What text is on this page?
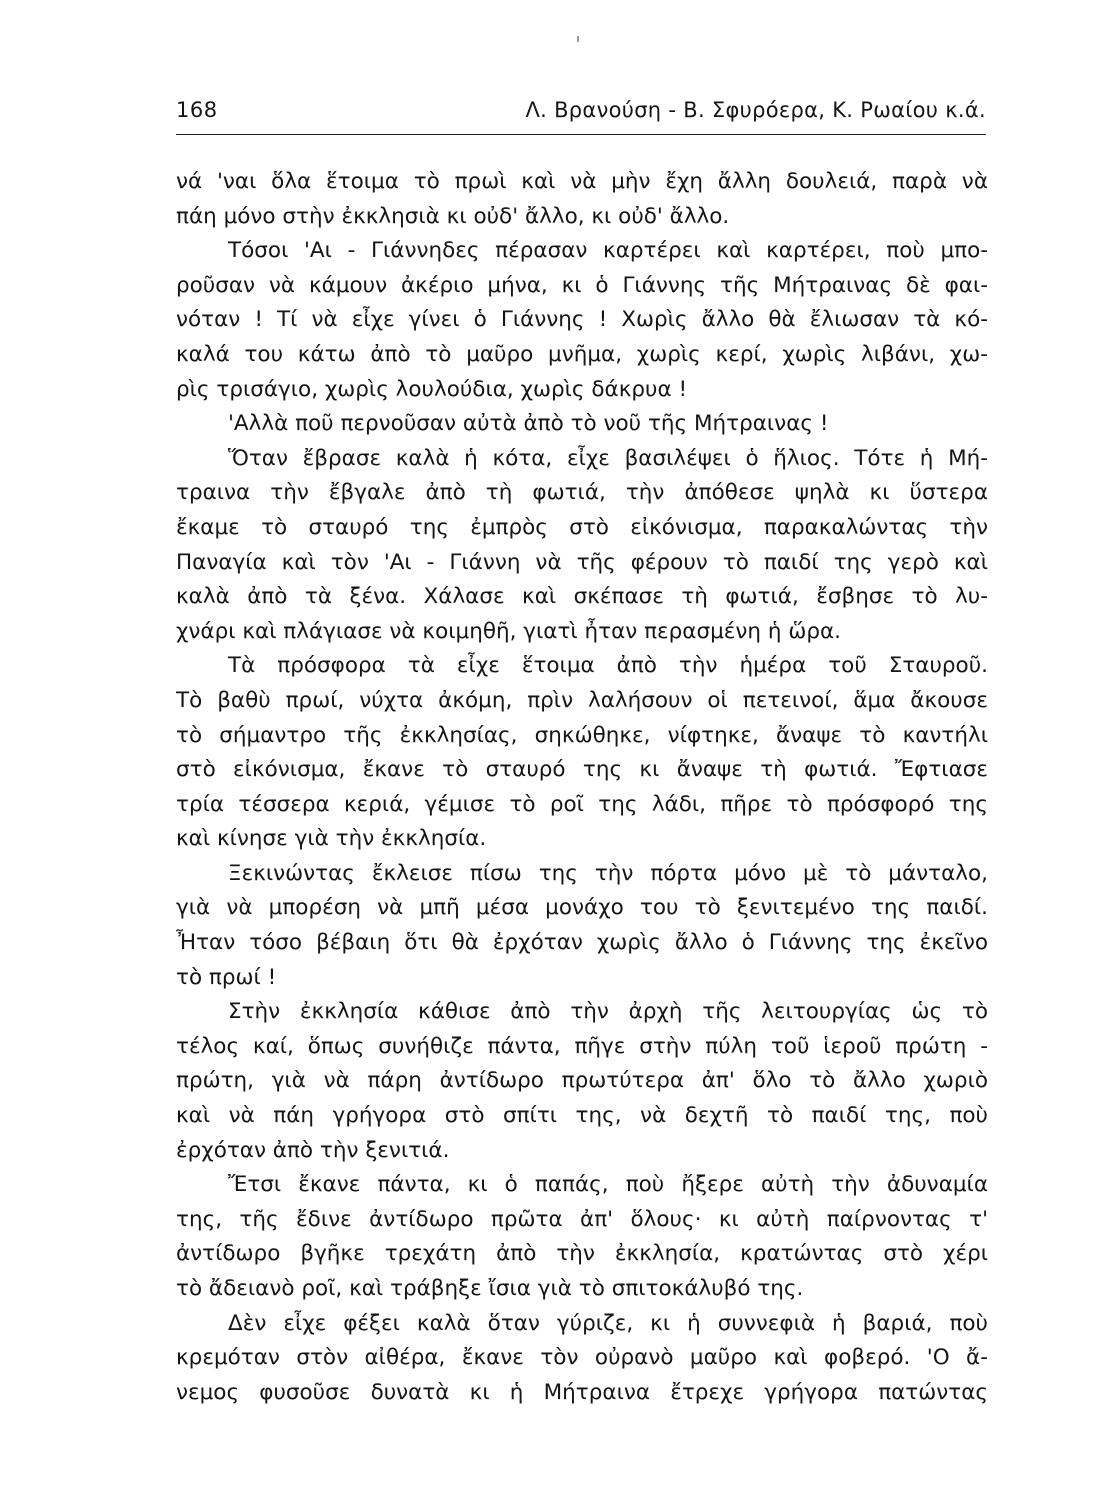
168	Λ. Βρανούση - Β. Σφυρόερα, Κ. Ρωαίου κ.ά.
νά 'ναι ὅλα ἕτοιμα τὸ πρωὶ καὶ νὰ μὴν ἔχη ἄλλη δουλειά, παρὰ νὰ
πάη μόνο στὴν ἐκκλησιὰ κι οὐδ' ἄλλο, κι οὐδ' ἄλλο.
Τόσοι 'Αι - Γιάννηδες πέρασαν καρτέρει καὶ καρτέρει, ποὺ μπο-
ροῦσαν νὰ κάμουν ἀκέριο μήνα, κι ὁ Γιάννης τῆς Μήτραινας δὲ φαι-
νόταν ! Τί νὰ εἶχε γίνει ὁ Γιάννης ! Χωρὶς ἄλλο θὰ ἔλιωσαν τὰ κό-
καλά του κάτω ἀπὸ τὸ μαῦρο μνῆμα, χωρὶς κερί, χωρὶς λιβάνι, χω-
ρὶς τρισάγιο, χωρὶς λουλούδια, χωρὶς δάκρυα !
'Αλλὰ ποῦ περνοῦσαν αὐτὰ ἀπὸ τὸ νοῦ τῆς Μήτραινας !
Ὅταν ἔβρασε καλὰ ἡ κότα, εἶχε βασιλέψει ὁ ἥλιος. Τότε ἡ Μή-
τραινα τὴν ἔβγαλε ἀπὸ τὴ φωτιά, τὴν ἀπόθεσε ψηλὰ κι ὕστερα
ἔκαμε τὸ σταυρό της ἐμπρὸς στὸ εἰκόνισμα, παρακαλώντας τὴν
Παναγία καὶ τὸν 'Αι - Γιάννη νὰ τῆς φέρουν τὸ παιδί της γερὸ καὶ
καλὰ ἀπὸ τὰ ξένα. Χάλασε καὶ σκέπασε τὴ φωτιά, ἔσβησε τὸ λυ-
χνάρι καὶ πλάγιασε νὰ κοιμηθῆ, γιατὶ ἦταν περασμένη ἡ ὥρα.
Τὰ πρόσφορα τὰ εἶχε ἕτοιμα ἀπὸ τὴν ἡμέρα τοῦ Σταυροῦ.
Τὸ βαθὺ πρωί, νύχτα ἀκόμη, πρὶν λαλήσουν οἱ πετεινοί, ἅμα ἄκουσε
τὸ σήμαντρο τῆς ἐκκλησίας, σηκώθηκε, νίφτηκε, ἄναψε τὸ καντήλι
στὸ εἰκόνισμα, ἔκανε τὸ σταυρό της κι ἄναψε τὴ φωτιά. Ἔφτιασε
τρία τέσσερα κεριά, γέμισε τὸ ροῖ της λάδι, πῆρε τὸ πρόσφορό της
καὶ κίνησε γιὰ τὴν ἐκκλησία.
Ξεκινώντας ἔκλεισε πίσω της τὴν πόρτα μόνο μὲ τὸ μάνταλο,
γιὰ νὰ μπορέση νὰ μπῆ μέσα μονάχο του τὸ ξενιτεμένο της παιδί.
Ἦταν τόσο βέβαιη ὅτι θὰ ἐρχόταν χωρὶς ἄλλο ὁ Γιάννης της ἐκεῖνο
τὸ πρωί !
Στὴν ἐκκλησία κάθισε ἀπὸ τὴν ἀρχὴ τῆς λειτουργίας ὡς τὸ
τέλος καί, ὅπως συνήθιζε πάντα, πῆγε στὴν πύλη τοῦ ἱεροῦ πρώτη -
πρώτη, γιὰ νὰ πάρη ἀντίδωρο πρωτύτερα ἀπ' ὅλο τὸ ἄλλο χωριὸ
καὶ νὰ πάη γρήγορα στὸ σπίτι της, νὰ δεχτῆ τὸ παιδί της, ποὺ
ἐρχόταν ἀπὸ τὴν ξενιτιά.
Ἔτσι ἔκανε πάντα, κι ὁ παπάς, ποὺ ἤξερε αὐτὴ τὴν ἀδυναμία
της, τῆς ἔδινε ἀντίδωρο πρῶτα ἀπ' ὅλους· κι αὐτὴ παίρνοντας τ'
ἀντίδωρο βγῆκε τρεχάτη ἀπὸ τὴν ἐκκλησία, κρατώντας στὸ χέρι
τὸ ἄδειανὸ ροῖ, καὶ τράβηξε ἴσια γιὰ τὸ σπιτοκάλυβό της.
Δὲν εἶχε φέξει καλὰ ὅταν γύριζε, κι ἡ συννεφιὰ ἡ βαριά, ποὺ
κρεμόταν στὸν αἰθέρα, ἔκανε τὸν οὐρανὸ μαῦρο καὶ φοβερό. 'Ο ἄ-
νεμος φυσοῦσε δυνατὰ κι ἡ Μήτραινα ἔτρεχε γρήγορα πατώντας
